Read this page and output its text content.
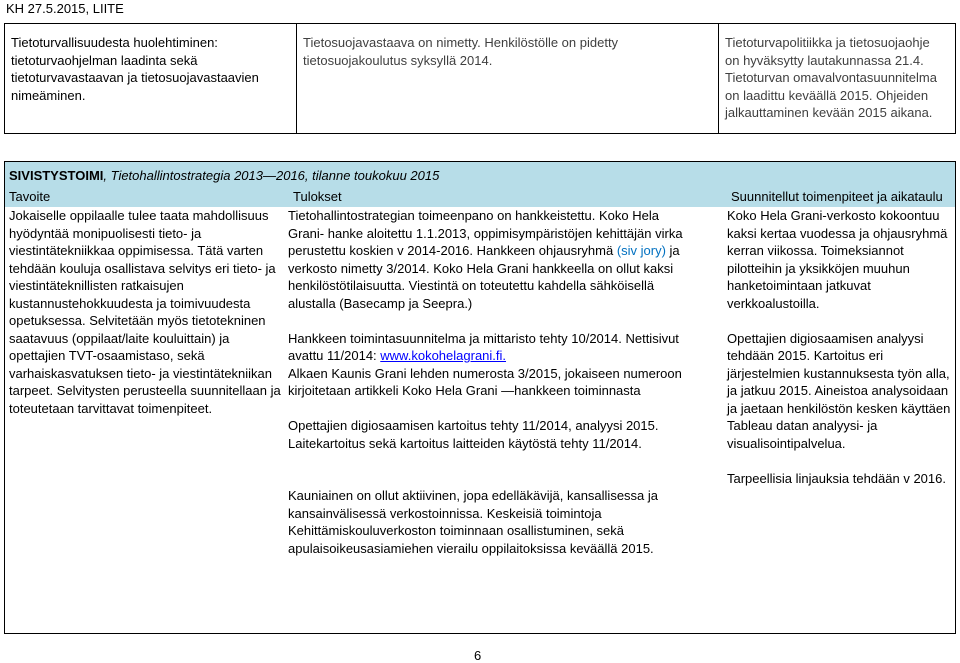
KH 27.5.2015, LIITE
Tietoturvallisuudesta huolehtiminen:
tietoturvaohjelman laadinta sekä
tietoturvavastaavan ja tietosuojavastaavien
nimeäminen.
Tietosuojavastaava on nimetty. Henkilöstölle on pidetty
tietosuojakoulutus syksyllä 2014.
Tietoturvapolitiikka ja tietosuojaohje
on hyväksytty lautakunnassa 21.4.
Tietoturvan omavalvontasuunnitelma
on laadittu keväällä 2015. Ohjeiden
jalkauttaminen kevään 2015 aikana.
SIVISTYSTOIMI, Tietohallintostrategia 2013—2016, tilanne toukokuu 2015
Tavoite	Tulokset	Suunnitellut toimenpiteet ja aikataulu
Jokaiselle oppilaalle tulee taata mahdollisuus
hyödyntää monipuolisesti tieto- ja
viestintätekniikkaa oppimisessa. Tätä varten
tehdään kouluja osallistava selvitys eri tieto- ja
viestintäteknillisten ratkaisujen
kustannustehokkuudesta ja toimivuudesta
opetuksessa. Selvitetään myös tietotekninen
saatavuus (oppilaat/laite kouluittain) ja
opettajien TVT-osaamistaso, sekä
varhaiskasvatuksen tieto- ja viestintätekniikan
tarpeet. Selvitysten perusteella suunnitellaan ja
toteutetaan tarvittavat toimenpiteet.
Tietohallintostrategian toimeenpano on hankkeistettu. Koko Hela
Grani- hanke aloitettu 1.1.2013, oppimisympäristöjen kehittäjän virka
perustettu koskien v 2014-2016. Hankkeen ohjausryhmä (siv jory) ja
verkosto nimetty 3/2014. Koko Hela Grani hankkeella on ollut kaksi
henkilöstötilaisuutta. Viestintä on toteutettu kahdella sähköisellä
alustalla (Basecamp ja Seepra.)
Hankkeen toimintasuunnitelma ja mittaristo tehty 10/2014. Nettisivut
avattu 11/2014: www.kokohelagrani.fi.
Alkaen Kaunis Grani lehden numerosta 3/2015, jokaiseen numeroon
kirjoitetaan artikkeli Koko Hela Grani —hankkeen toiminnasta
Opettajien digiosaamisen kartoitus tehty 11/2014, analyysi 2015.
Laitekartoitus sekä kartoitus laitteiden käytöstä tehty 11/2014.
Kauniainen on ollut aktiivinen, jopa edelläkävijä, kansallisessa ja
kansainvälisessä verkostoinnissa. Keskeisiä toimintoja
Kehittämiskouluverkoston toiminnaan osallistuminen, sekä
apulaisoikeusasiamiehen vierailu oppilaitoksissa keväällä 2015.
Koko Hela Grani-verkosto kokoontuu
kaksi kertaa vuodessa ja ohjausryhmä
kerran viikossa. Toimeksiannot
pilotteihin ja yksikköjen muuhun
hanketoimintaan jatkuvat
verkkoalustoilla.
Opettajien digiosaamisen analyysi
tehdään 2015. Kartoitus eri
järjestelmien kustannuksesta työn alla,
ja jatkuu 2015. Aineistoa analysoidaan
ja jaetaan henkilöstön kesken käyttäen
Tableau datan analyysi- ja
visualisointipalvelua.
Tarpeellisia linjauksia tehdään v 2016.
6
